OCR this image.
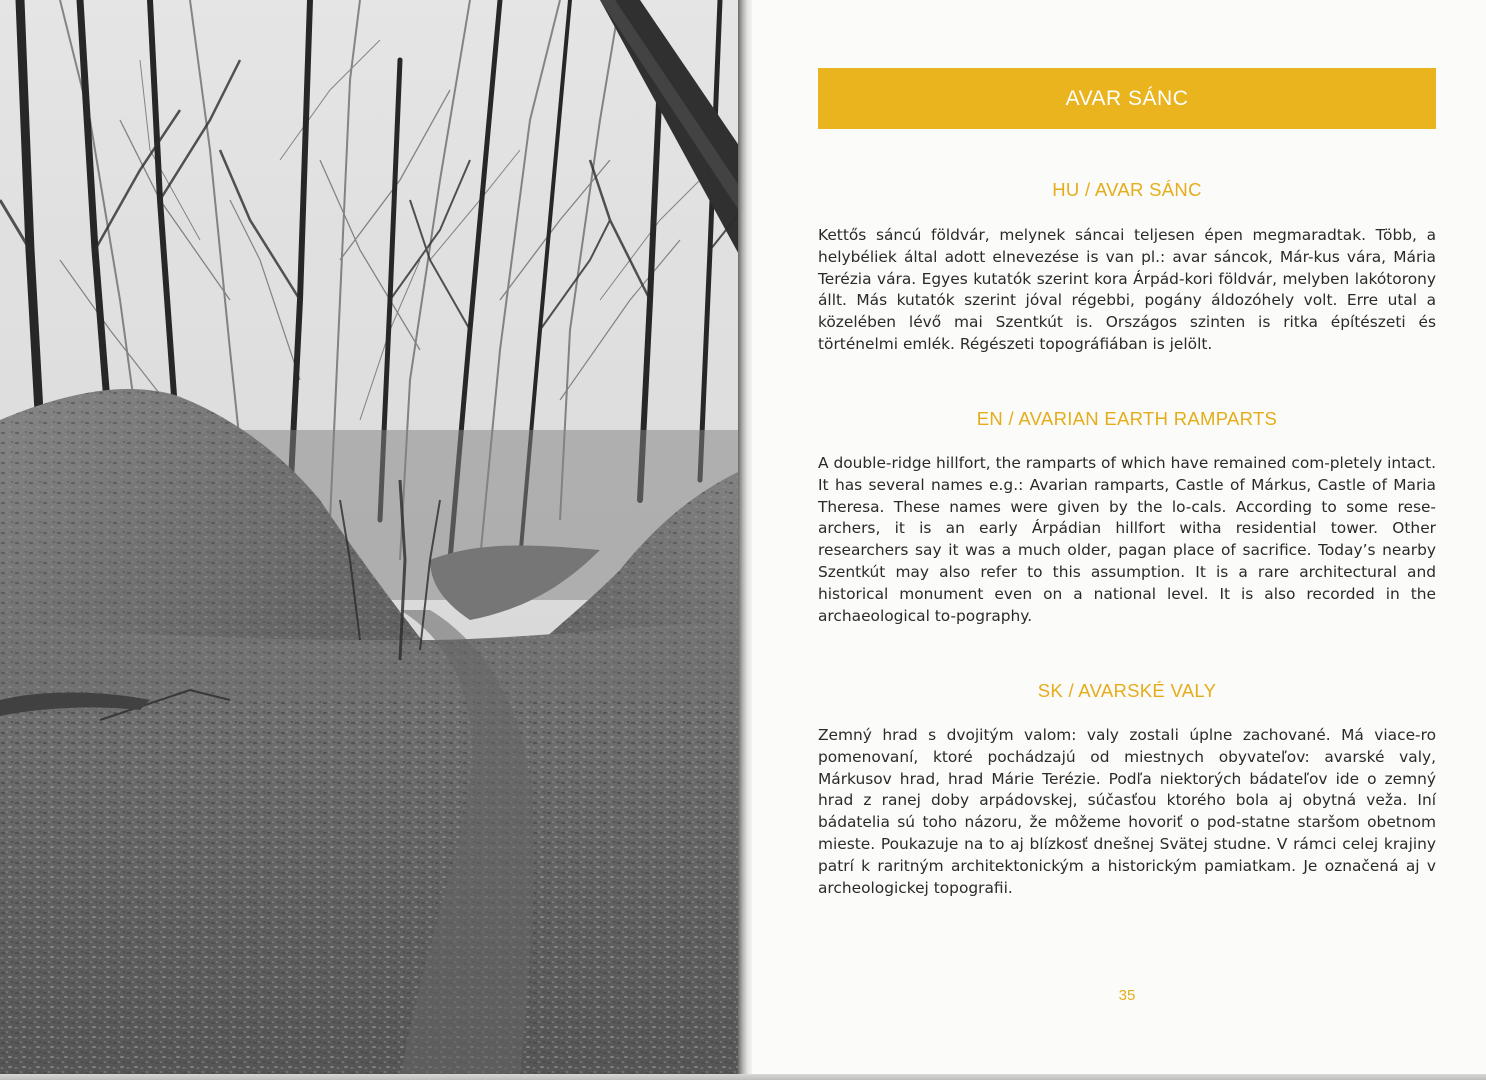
AVAR SÁNC
HU / AVAR SÁNC

Kettős sáncú földvár, melynek sáncai teljesen épen megmaradtak. Több, a helybéliek által adott elnevezése is van pl.: avar sáncok, Már-kus vára, Mária Terézia vára. Egyes kutatók szerint kora Árpád-kori földvár, melyben lakótorony állt. Más kutatók szerint jóval régebbi, pogány áldozóhely volt. Erre utal a közelében lévő mai Szentkút is. Országos szinten is ritka építészeti és történelmi emlék. Régészeti topográfiában is jelölt.

EN / AVARIAN EARTH RAMPARTS

A double-ridge hillfort, the ramparts of which have remained com-pletely intact. It has several names e.g.: Avarian ramparts, Castle of Márkus, Castle of Maria Theresa. These names were given by the lo-cals. According to some rese-archers, it is an early Árpádian hillfort witha residential tower. Other researchers say it was a much older, pagan place of sacrifice. Today’s nearby Szentkút may also refer to this assumption. It is a rare architectural and historical monument even on a national level. It is also recorded in the archaeological to-pography.

SK / AVARSKÉ VALY

Zemný hrad s dvojitým valom: valy zostali úplne zachované. Má viace-ro pomenovaní, ktoré pochádzajú od miestnych obyvateľov: avarské valy, Márkusov hrad, hrad Márie Terézie. Podľa niektorých bádateľov ide o zemný hrad z ranej doby arpádovskej, súčasťou ktorého bola aj obytná veža. Iní bádatelia sú toho názoru, že môžeme hovoriť o pod-statne staršom obetnom mieste. Poukazuje na to aj blízkosť dnešnej Svätej studne. V rámci celej krajiny patrí k raritným architektonickým a historickým pamiatkam. Je označená aj v archeologickej topografii.

35
